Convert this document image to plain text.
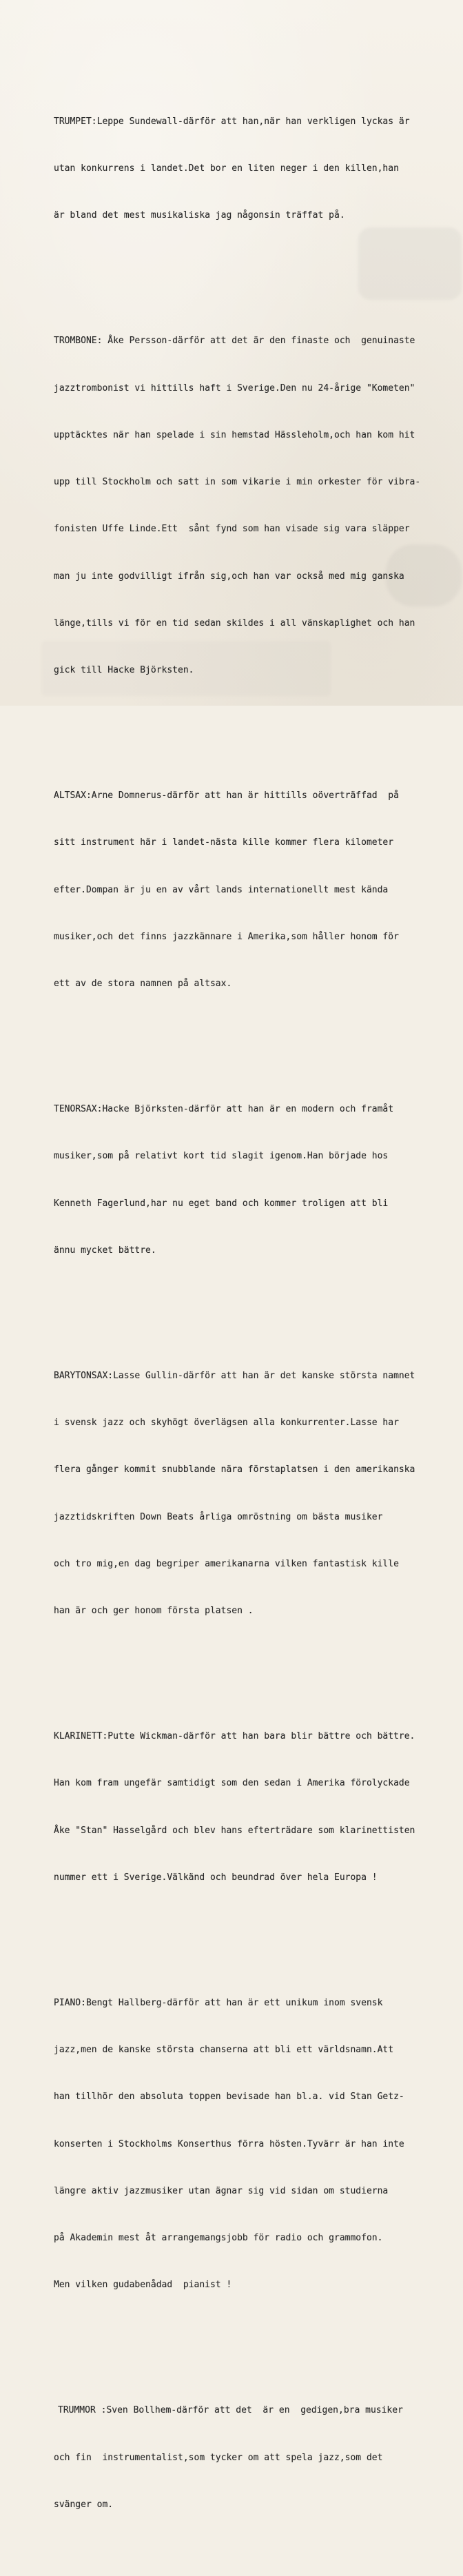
TRUMPET:Leppe Sundewall-därför att han,när han verkligen lyckas är

utan konkurrens i landet.Det bor en liten neger i den killen,han

är bland det mest musikaliska jag någonsin träffat på.

TROMBONE: Åke Persson-därför att det är den finaste och  genuinaste

jazztrombonist vi hittills haft i Sverige.Den nu 24-årige "Kometen"

upptäcktes när han spelade i sin hemstad Hässleholm,och han kom hit

upp till Stockholm och satt in som vikarie i min orkester för vibra-

fonisten Uffe Linde.Ett  sånt fynd som han visade sig vara släpper

man ju inte godvilligt ifrån sig,och han var också med mig ganska

länge,tills vi för en tid sedan skildes i all vänskaplighet och han

gick till Hacke Björksten.

ALTSAX:Arne Domnerus-därför att han är hittills oöverträffad  på

sitt instrument här i landet-nästa kille kommer flera kilometer

efter.Dompan är ju en av vårt lands internationellt mest kända

musiker,och det finns jazzkännare i Amerika,som håller honom för

ett av de stora namnen på altsax.

TENORSAX:Hacke Björksten-därför att han är en modern och framåt

musiker,som på relativt kort tid slagit igenom.Han började hos

Kenneth Fagerlund,har nu eget band och kommer troligen att bli

ännu mycket bättre.

BARYTONSAX:Lasse Gullin-därför att han är det kanske största namnet

i svensk jazz och skyhögt överlägsen alla konkurrenter.Lasse har

flera gånger kommit snubblande nära förstaplatsen i den amerikanska

jazztidskriften Down Beats årliga omröstning om bästa musiker

och tro mig,en dag begriper amerikanarna vilken fantastisk kille

han är och ger honom första platsen .

KLARINETT:Putte Wickman-därför att han bara blir bättre och bättre.

Han kom fram ungefär samtidigt som den sedan i Amerika förolyckade

Åke "Stan" Hasselgård och blev hans efterträdare som klarinettisten

nummer ett i Sverige.Välkänd och beundrad över hela Europa !

PIANO:Bengt Hallberg-därför att han är ett unikum inom svensk

jazz,men de kanske största chanserna att bli ett världsnamn.Att

han tillhör den absoluta toppen bevisade han bl.a. vid Stan Getz-

konserten i Stockholms Konserthus förra hösten.Tyvärr är han inte

längre aktiv jazzmusiker utan ägnar sig vid sidan om studierna

på Akademin mest åt arrangemangsjobb för radio och grammofon.

Men vilken gudabenådad  pianist !

TRUMMOR :Sven Bollhem-därför att det  är en  gedigen,bra musiker

och fin  instrumentalist,som tycker om att spela jazz,som det

svänger om.
